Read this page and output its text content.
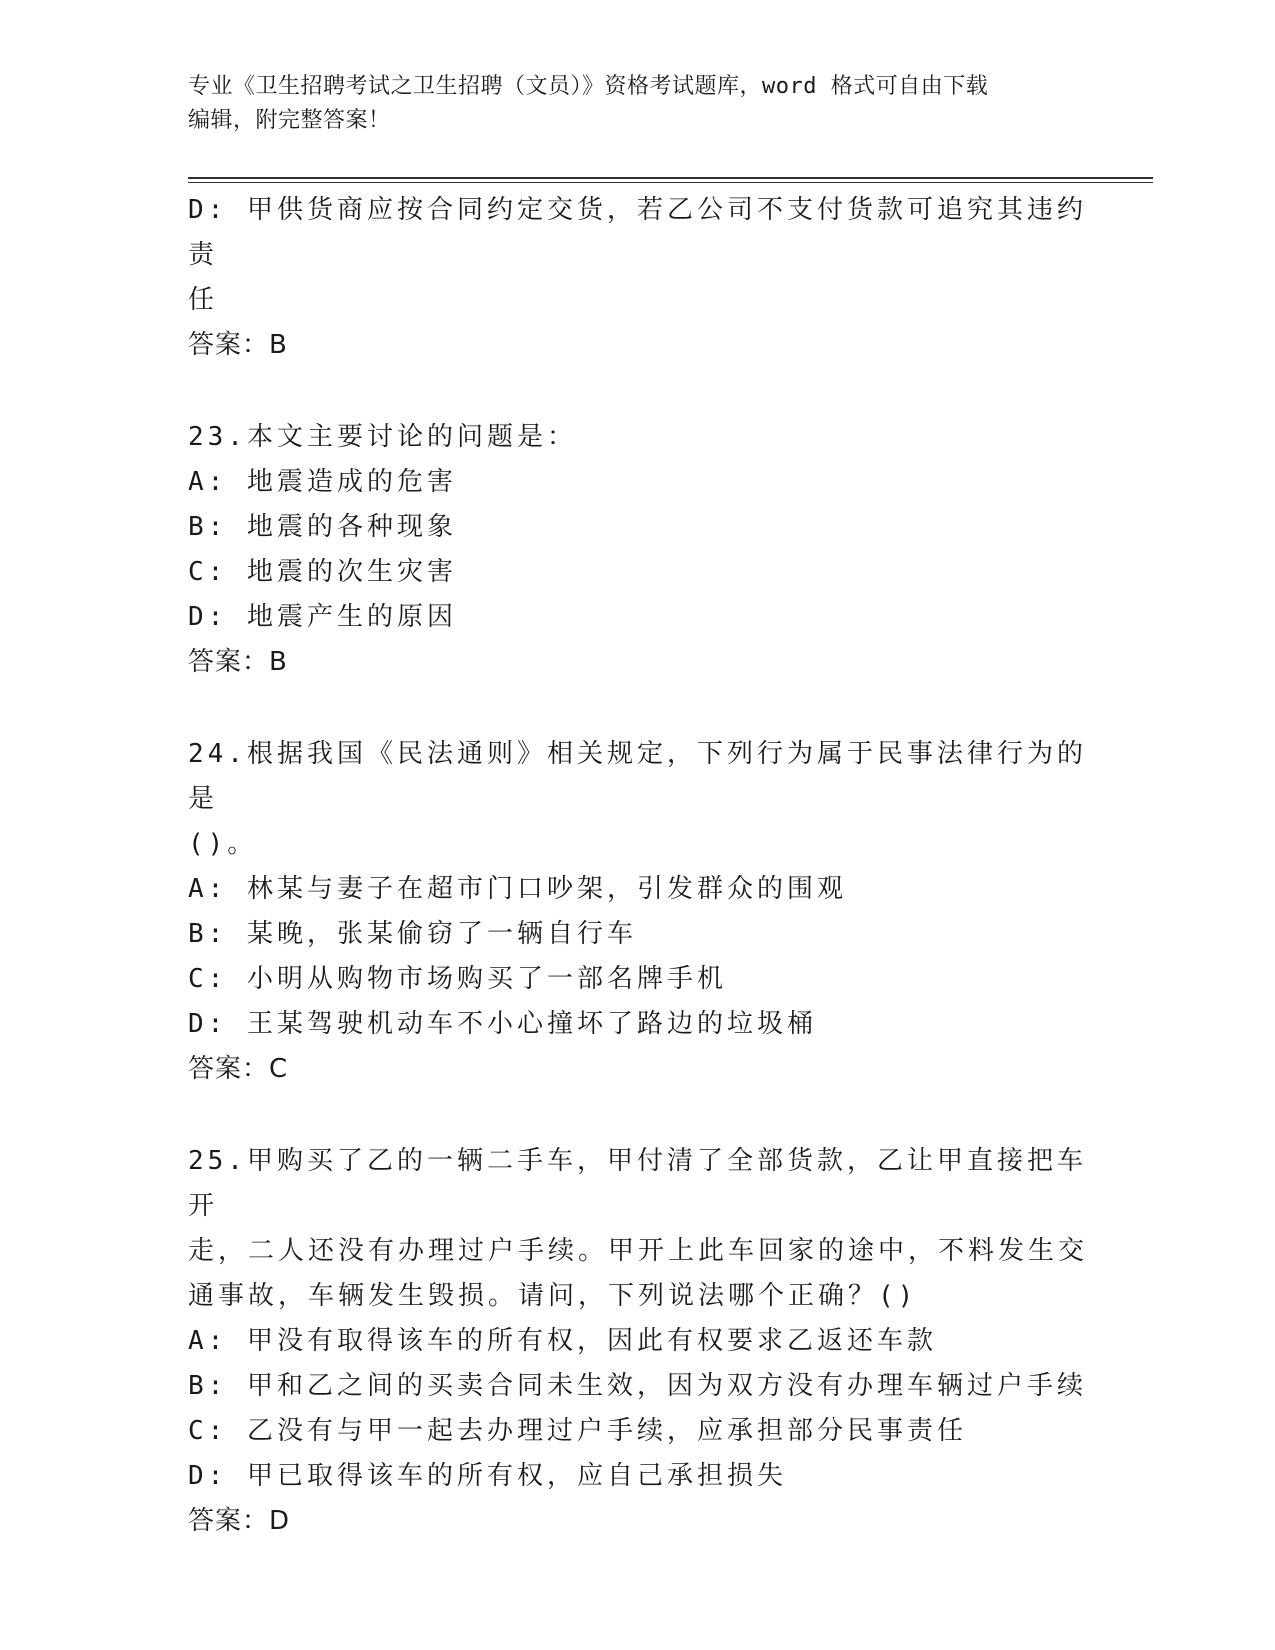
专业《卫生招聘考试之卫生招聘（文员）》资格考试题库，word 格式可自由下载
编辑，附完整答案！
D: 甲供货商应按合同约定交货，若乙公司不支付货款可追究其违约责
任
答案：B
23.本文主要讨论的问题是：
A: 地震造成的危害
B: 地震的各种现象
C: 地震的次生灾害
D: 地震产生的原因
答案：B
24.根据我国《民法通则》相关规定，下列行为属于民事法律行为的是
()。
A: 林某与妻子在超市门口吵架，引发群众的围观
B: 某晚，张某偷窃了一辆自行车
C: 小明从购物市场购买了一部名牌手机
D: 王某驾驶机动车不小心撞坏了路边的垃圾桶
答案：C
25.甲购买了乙的一辆二手车，甲付清了全部货款，乙让甲直接把车开
走，二人还没有办理过户手续。甲开上此车回家的途中，不料发生交
通事故，车辆发生毁损。请问，下列说法哪个正确？()
A: 甲没有取得该车的所有权，因此有权要求乙返还车款
B: 甲和乙之间的买卖合同未生效，因为双方没有办理车辆过户手续
C: 乙没有与甲一起去办理过户手续，应承担部分民事责任
D: 甲已取得该车的所有权，应自己承担损失
答案：D
